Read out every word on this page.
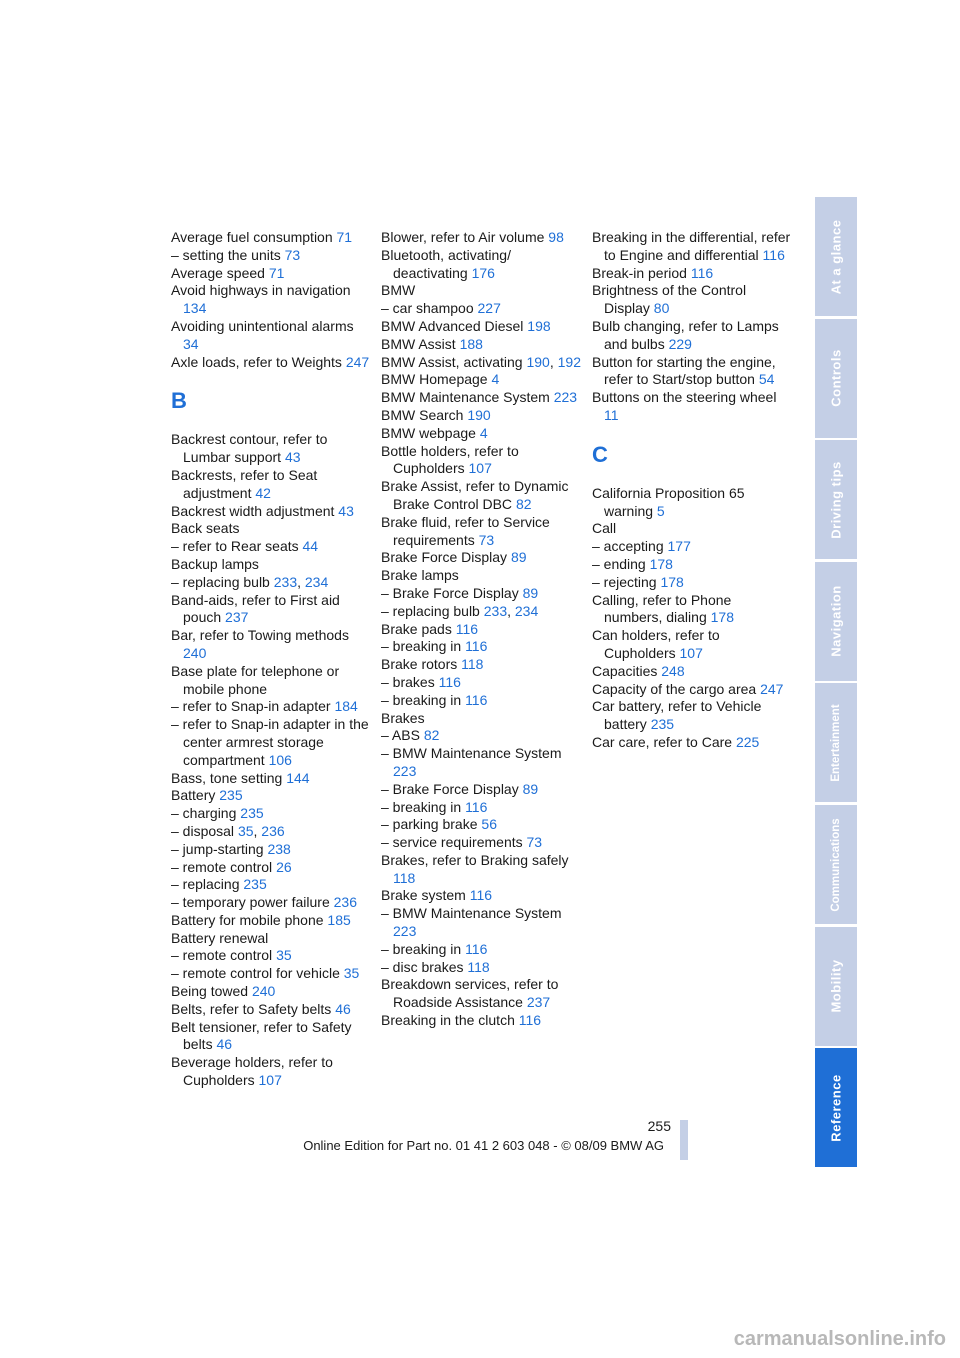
Average fuel consumption 71
– setting the units 73
Average speed 71
Avoid highways in navigation 134
Avoiding unintentional alarms 34
Axle loads, refer to Weights 247
B
Backrest contour, refer to Lumbar support 43
Backrests, refer to Seat adjustment 42
Backrest width adjustment 43
Back seats
– refer to Rear seats 44
Backup lamps
– replacing bulb 233, 234
Band-aids, refer to First aid pouch 237
Bar, refer to Towing methods 240
Base plate for telephone or mobile phone
– refer to Snap-in adapter 184
– refer to Snap-in adapter in the center armrest storage compartment 106
Bass, tone setting 144
Battery 235
– charging 235
– disposal 35, 236
– jump-starting 238
– remote control 26
– replacing 235
– temporary power failure 236
Battery for mobile phone 185
Battery renewal
– remote control 35
– remote control for vehicle 35
Being towed 240
Belts, refer to Safety belts 46
Belt tensioner, refer to Safety belts 46
Beverage holders, refer to Cupholders 107
Blower, refer to Air volume 98
Bluetooth, activating/ deactivating 176
BMW
– car shampoo 227
BMW Advanced Diesel 198
BMW Assist 188
BMW Assist, activating 190, 192
BMW Homepage 4
BMW Maintenance System 223
BMW Search 190
BMW webpage 4
Bottle holders, refer to Cupholders 107
Brake Assist, refer to Dynamic Brake Control DBC 82
Brake fluid, refer to Service requirements 73
Brake Force Display 89
Brake lamps
– Brake Force Display 89
– replacing bulb 233, 234
Brake pads 116
– breaking in 116
Brake rotors 118
– brakes 116
– breaking in 116
Brakes
– ABS 82
– BMW Maintenance System 223
– Brake Force Display 89
– breaking in 116
– parking brake 56
– service requirements 73
Brakes, refer to Braking safely 118
Brake system 116
– BMW Maintenance System 223
– breaking in 116
– disc brakes 118
Breakdown services, refer to Roadside Assistance 237
Breaking in the clutch 116
Breaking in the differential, refer to Engine and differential 116
Break-in period 116
Brightness of the Control Display 80
Bulb changing, refer to Lamps and bulbs 229
Button for starting the engine, refer to Start/stop button 54
Buttons on the steering wheel 11
C
California Proposition 65 warning 5
Call
– accepting 177
– ending 178
– rejecting 178
Calling, refer to Phone numbers, dialing 178
Can holders, refer to Cupholders 107
Capacities 248
Capacity of the cargo area 247
Car battery, refer to Vehicle battery 235
Car care, refer to Care 225
At a glance
Controls
Driving tips
Navigation
Entertainment
Communications
Mobility
Reference
255
Online Edition for Part no. 01 41 2 603 048 - © 08/09 BMW AG
carmanualsonline.info
